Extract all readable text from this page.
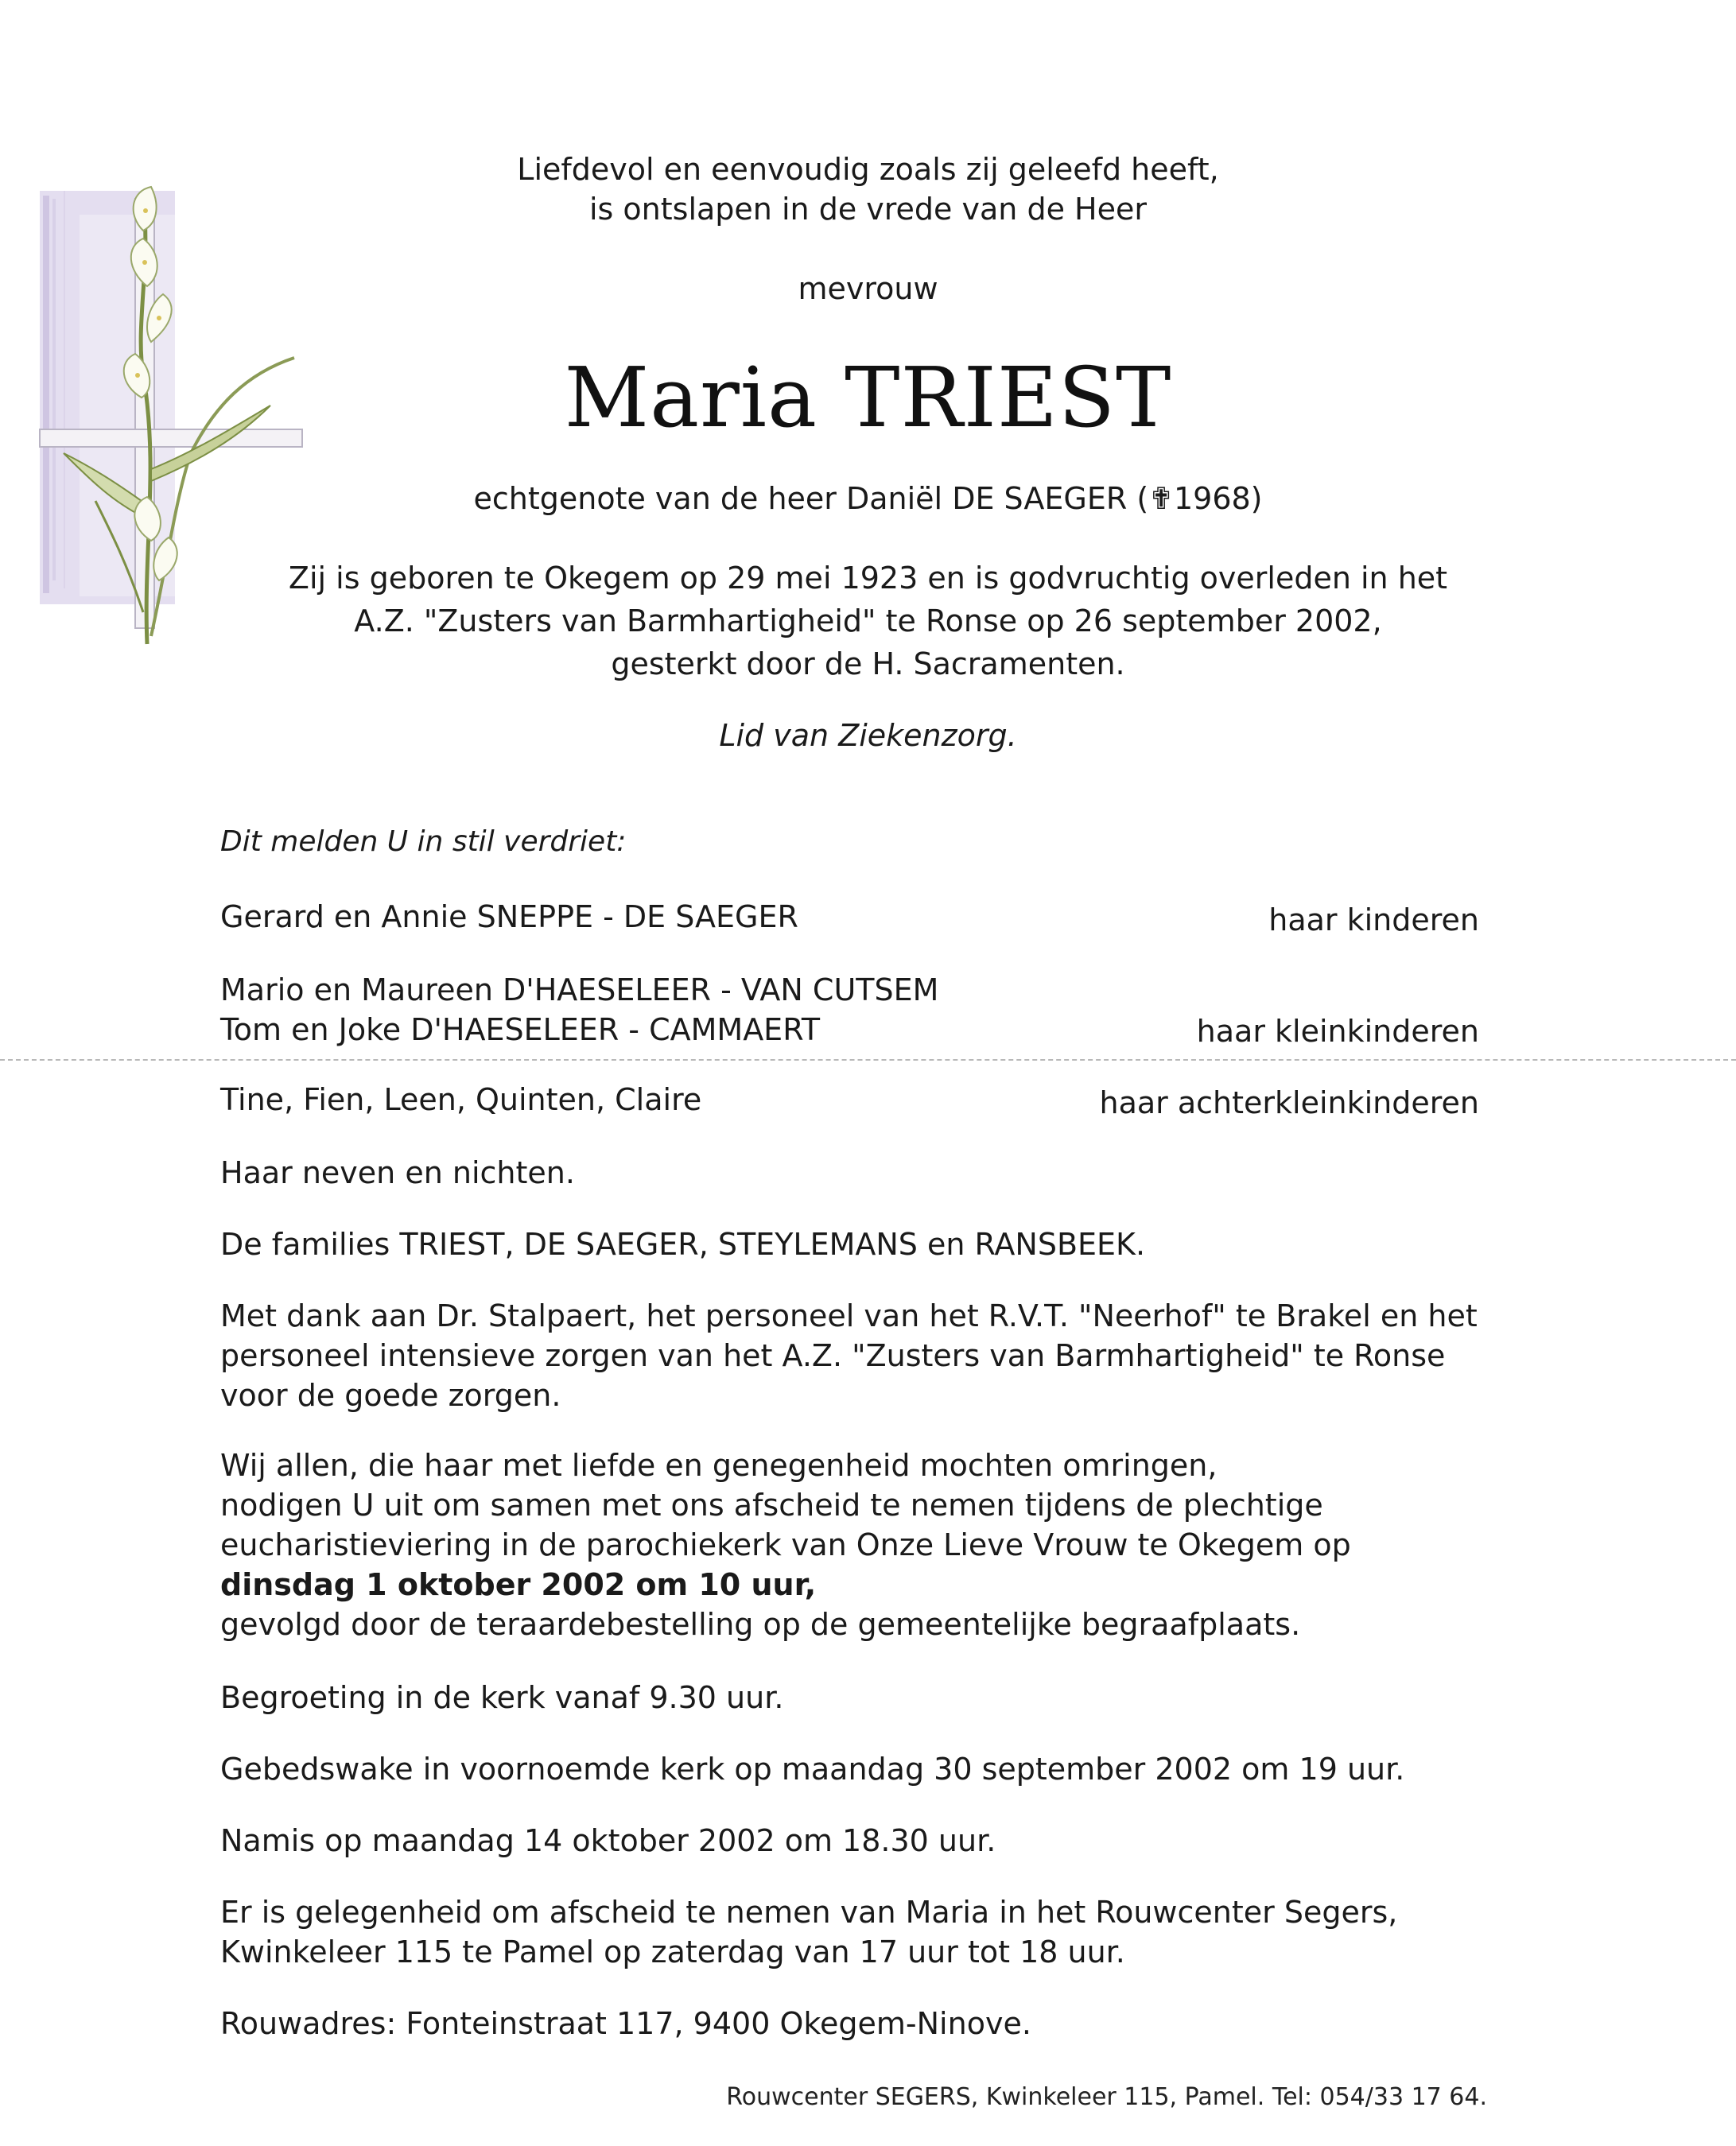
Liefdevol en eenvoudig zoals zij geleefd heeft,
is ontslapen in de vrede van de Heer
mevrouw
Maria TRIEST
echtgenote van de heer Daniël DE SAEGER (✟1968)
Zij is geboren te Okegem op 29 mei 1923 en is godvruchtig overleden in het
A.Z. "Zusters van Barmhartigheid" te Ronse op 26 september 2002,
gesterkt door de H. Sacramenten.
Lid van Ziekenzorg.
Dit melden U in stil verdriet:
Gerard en Annie SNEPPE - DE SAEGER	haar kinderen
Mario en Maureen D'HAESELEER - VAN CUTSEM
Tom en Joke D'HAESELEER - CAMMAERT	haar kleinkinderen
Tine, Fien, Leen, Quinten, Claire	haar achterkleinkinderen
Haar neven en nichten.
De families TRIEST, DE SAEGER, STEYLEMANS en RANSBEEK.
Met dank aan Dr. Stalpaert, het personeel van het R.V.T. "Neerhof" te Brakel en het
personeel intensieve zorgen van het A.Z. "Zusters van Barmhartigheid" te Ronse
voor de goede zorgen.
Wij allen, die haar met liefde en genegenheid mochten omringen,
nodigen U uit om samen met ons afscheid te nemen tijdens de plechtige
eucharistieviering in de parochiekerk van Onze Lieve Vrouw te Okegem op
dinsdag 1 oktober 2002 om 10 uur,
gevolgd door de teraardebestelling op de gemeentelijke begraafplaats.
Begroeting in de kerk vanaf 9.30 uur.
Gebedswake in voornoemde kerk op maandag 30 september 2002 om 19 uur.
Namis op maandag 14 oktober 2002 om 18.30 uur.
Er is gelegenheid om afscheid te nemen van Maria in het Rouwcenter Segers,
Kwinkeleer 115 te Pamel op zaterdag van 17 uur tot 18 uur.
Rouwadres: Fonteinstraat 117, 9400 Okegem-Ninove.
Rouwcenter SEGERS, Kwinkeleer 115, Pamel. Tel: 054/33 17 64.
